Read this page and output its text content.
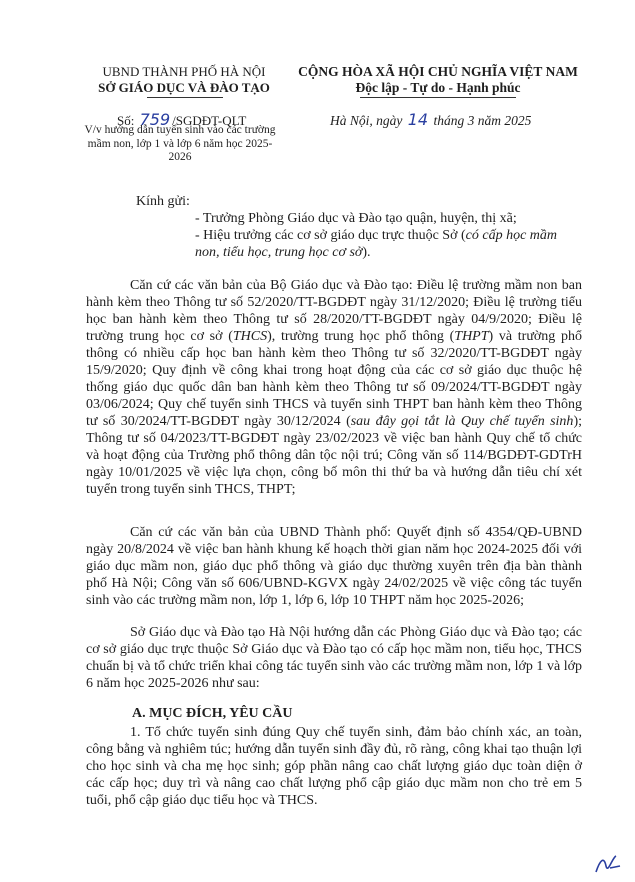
UBND THÀNH PHỐ HÀ NỘI
SỞ GIÁO DỤC VÀ ĐÀO TẠO
CỘNG HÒA XÃ HỘI CHỦ NGHĨA VIỆT NAM
Độc lập - Tự do - Hạnh phúc
Số: 759 /SGDĐT-QLT
V/v hướng dẫn tuyển sinh vào các trường mầm non, lớp 1 và lớp 6 năm học 2025-2026
Hà Nội, ngày 14 tháng 3 năm 2025
Kính gửi:
- Trưởng Phòng Giáo dục và Đào tạo quận, huyện, thị xã;
- Hiệu trưởng các cơ sở giáo dục trực thuộc Sở (có cấp học mầm non, tiểu học, trung học cơ sở).

Căn cứ các văn bản của Bộ Giáo dục và Đào tạo: Điều lệ trường mầm non ban hành kèm theo Thông tư số 52/2020/TT-BGDĐT ngày 31/12/2020; Điều lệ trường tiểu học ban hành kèm theo Thông tư số 28/2020/TT-BGDĐT ngày 04/9/2020; Điều lệ trường trung học cơ sở (THCS), trường trung học phổ thông (THPT) và trường phổ thông có nhiều cấp học ban hành kèm theo Thông tư số 32/2020/TT-BGDĐT ngày 15/9/2020; Quy định về công khai trong hoạt động của các cơ sở giáo dục thuộc hệ thống giáo dục quốc dân ban hành kèm theo Thông tư số 09/2024/TT-BGDĐT ngày 03/06/2024; Quy chế tuyển sinh THCS và tuyển sinh THPT ban hành kèm theo Thông tư số 30/2024/TT-BGDĐT ngày 30/12/2024 (sau đây gọi tắt là Quy chế tuyển sinh); Thông tư số 04/2023/TT-BGDĐT ngày 23/02/2023 về việc ban hành Quy chế tổ chức và hoạt động của Trường phổ thông dân tộc nội trú; Công văn số 114/BGDĐT-GDTrH ngày 10/01/2025 về việc lựa chọn, công bố môn thi thứ ba và hướng dẫn tiêu chí xét tuyển trong tuyển sinh THCS, THPT;

Căn cứ các văn bản của UBND Thành phố: Quyết định số 4354/QĐ-UBND ngày 20/8/2024 về việc ban hành khung kế hoạch thời gian năm học 2024-2025 đối với giáo dục mầm non, giáo dục phổ thông và giáo dục thường xuyên trên địa bàn thành phố Hà Nội; Công văn số 606/UBND-KGVX ngày 24/02/2025 về việc công tác tuyển sinh vào các trường mầm non, lớp 1, lớp 6, lớp 10 THPT năm học 2025-2026;

Sở Giáo dục và Đào tạo Hà Nội hướng dẫn các Phòng Giáo dục và Đào tạo; các cơ sở giáo dục trực thuộc Sở Giáo dục và Đào tạo có cấp học mầm non, tiểu học, THCS chuẩn bị và tổ chức triển khai công tác tuyển sinh vào các trường mầm non, lớp 1 và lớp 6 năm học 2025-2026 như sau:

A. MỤC ĐÍCH, YÊU CẦU

1. Tổ chức tuyển sinh đúng Quy chế tuyển sinh, đảm bảo chính xác, an toàn, công bằng và nghiêm túc; hướng dẫn tuyển sinh đầy đủ, rõ ràng, công khai tạo thuận lợi cho học sinh và cha mẹ học sinh; góp phần nâng cao chất lượng giáo dục toàn diện ở các cấp học; duy trì và nâng cao chất lượng phổ cập giáo dục mầm non cho trẻ em 5 tuổi, phổ cập giáo dục tiểu học và THCS.
